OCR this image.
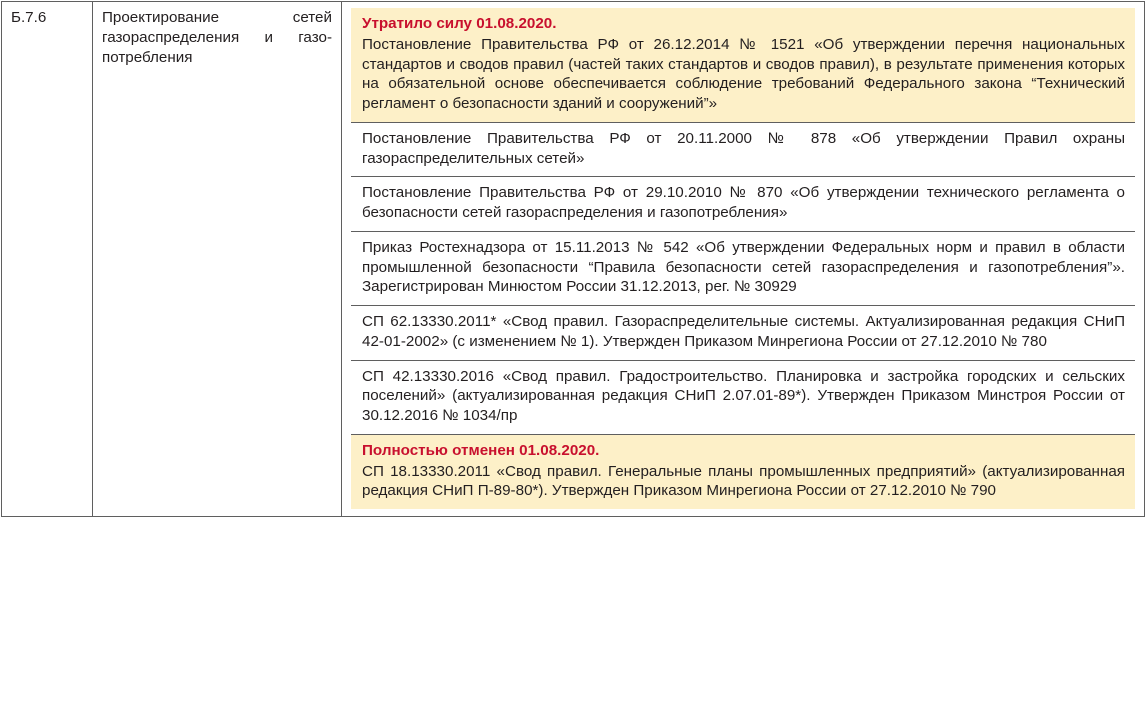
Б.7.6	Проектирование сетей газораспределения и газопотребления

Утратило силу 01.08.2020.
Постановление Правительства РФ от 26.12.2014 № 1521 «Об утверждении перечня национальных стандартов и сводов правил (частей таких стандартов и сводов правил), в результате применения которых на обязательной основе обеспечивается соблюдение требований Федерального закона “Технический регламент о безопасности зданий и сооружений”»
Постановление Правительства РФ от 20.11.2000 № 878 «Об утверждении Правил охраны газораспределительных сетей»
Постановление Правительства РФ от 29.10.2010 № 870 «Об утверждении технического регламента о безопасности сетей газораспределения и газопотребления»
Приказ Ростехнадзора от 15.11.2013 № 542 «Об утверждении Федеральных норм и правил в области промышленной безопасности “Правила безопасности сетей газораспределения и газопотребления”». Зарегистрирован Минюстом России 31.12.2013, рег. № 30929
СП 62.13330.2011* «Свод правил. Газораспределительные системы. Актуализированная редакция СНиП 42-01-2002» (с изменением № 1). Утвержден Приказом Минрегиона России от 27.12.2010 № 780
СП 42.13330.2016 «Свод правил. Градостроительство. Планировка и застройка городских и сельских поселений» (актуализированная редакция СНиП 2.07.01-89*). Утвержден Приказом Минстроя России от 30.12.2016 № 1034/пр
Полностью отменен 01.08.2020.
СП 18.13330.2011 «Свод правил. Генеральные планы промышленных предприятий» (актуализированная редакция СНиП П-89-80*). Утвержден Приказом Минрегиона России от 27.12.2010 № 790
